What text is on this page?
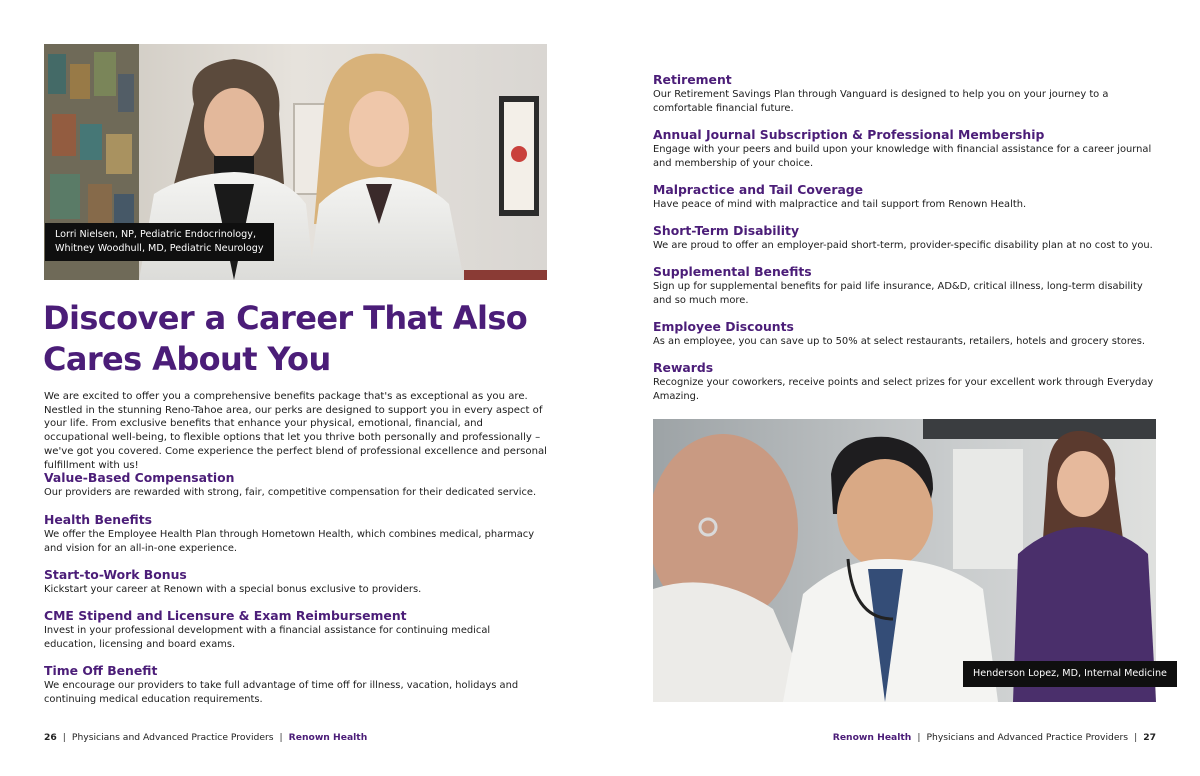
Lorri Nielsen, NP, Pediatric Endocrinology,
Whitney Woodhull, MD, Pediatric Neurology
Discover a Career That Also
Cares About You

We are excited to offer you a comprehensive benefits package that's as exceptional as you are. Nestled in the stunning Reno-Tahoe area, our perks are designed to support you in every aspect of your life. From exclusive benefits that enhance your physical, emotional, financial, and occupational well-being, to flexible options that let you thrive both personally and professionally – we've got you covered. Come experience the perfect blend of professional excellence and personal fulfillment with us!

Value-Based Compensation
Our providers are rewarded with strong, fair, competitive compensation for their dedicated service.
Health Benefits
We offer the Employee Health Plan through Hometown Health, which combines medical, pharmacy and vision for an all-in-one experience.
Start-to-Work Bonus
Kickstart your career at Renown with a special bonus exclusive to providers.
CME Stipend and Licensure & Exam Reimbursement
Invest in your professional development with a financial assistance for continuing medical education, licensing and board exams.
Time Off Benefit
We encourage our providers to take full advantage of time off for illness, vacation, holidays and continuing medical education requirements.
Retirement
Our Retirement Savings Plan through Vanguard is designed to help you on your journey to a comfortable financial future.
Annual Journal Subscription & Professional Membership
Engage with your peers and build upon your knowledge with financial assistance for a career journal and membership of your choice.
Malpractice and Tail Coverage
Have peace of mind with malpractice and tail support from Renown Health.
Short-Term Disability
We are proud to offer an employer-paid short-term, provider-specific disability plan at no cost to you.
Supplemental Benefits
Sign up for supplemental benefits for paid life insurance, AD&D, critical illness, long-term disability and so much more.
Employee Discounts
As an employee, you can save up to 50% at select restaurants, retailers, hotels and grocery stores.
Rewards
Recognize your coworkers, receive points and select prizes for your excellent work through Everyday Amazing.
Henderson Lopez, MD, Internal Medicine
26 | Physicians and Advanced Practice Providers | Renown Health	Renown Health | Physicians and Advanced Practice Providers | 27
